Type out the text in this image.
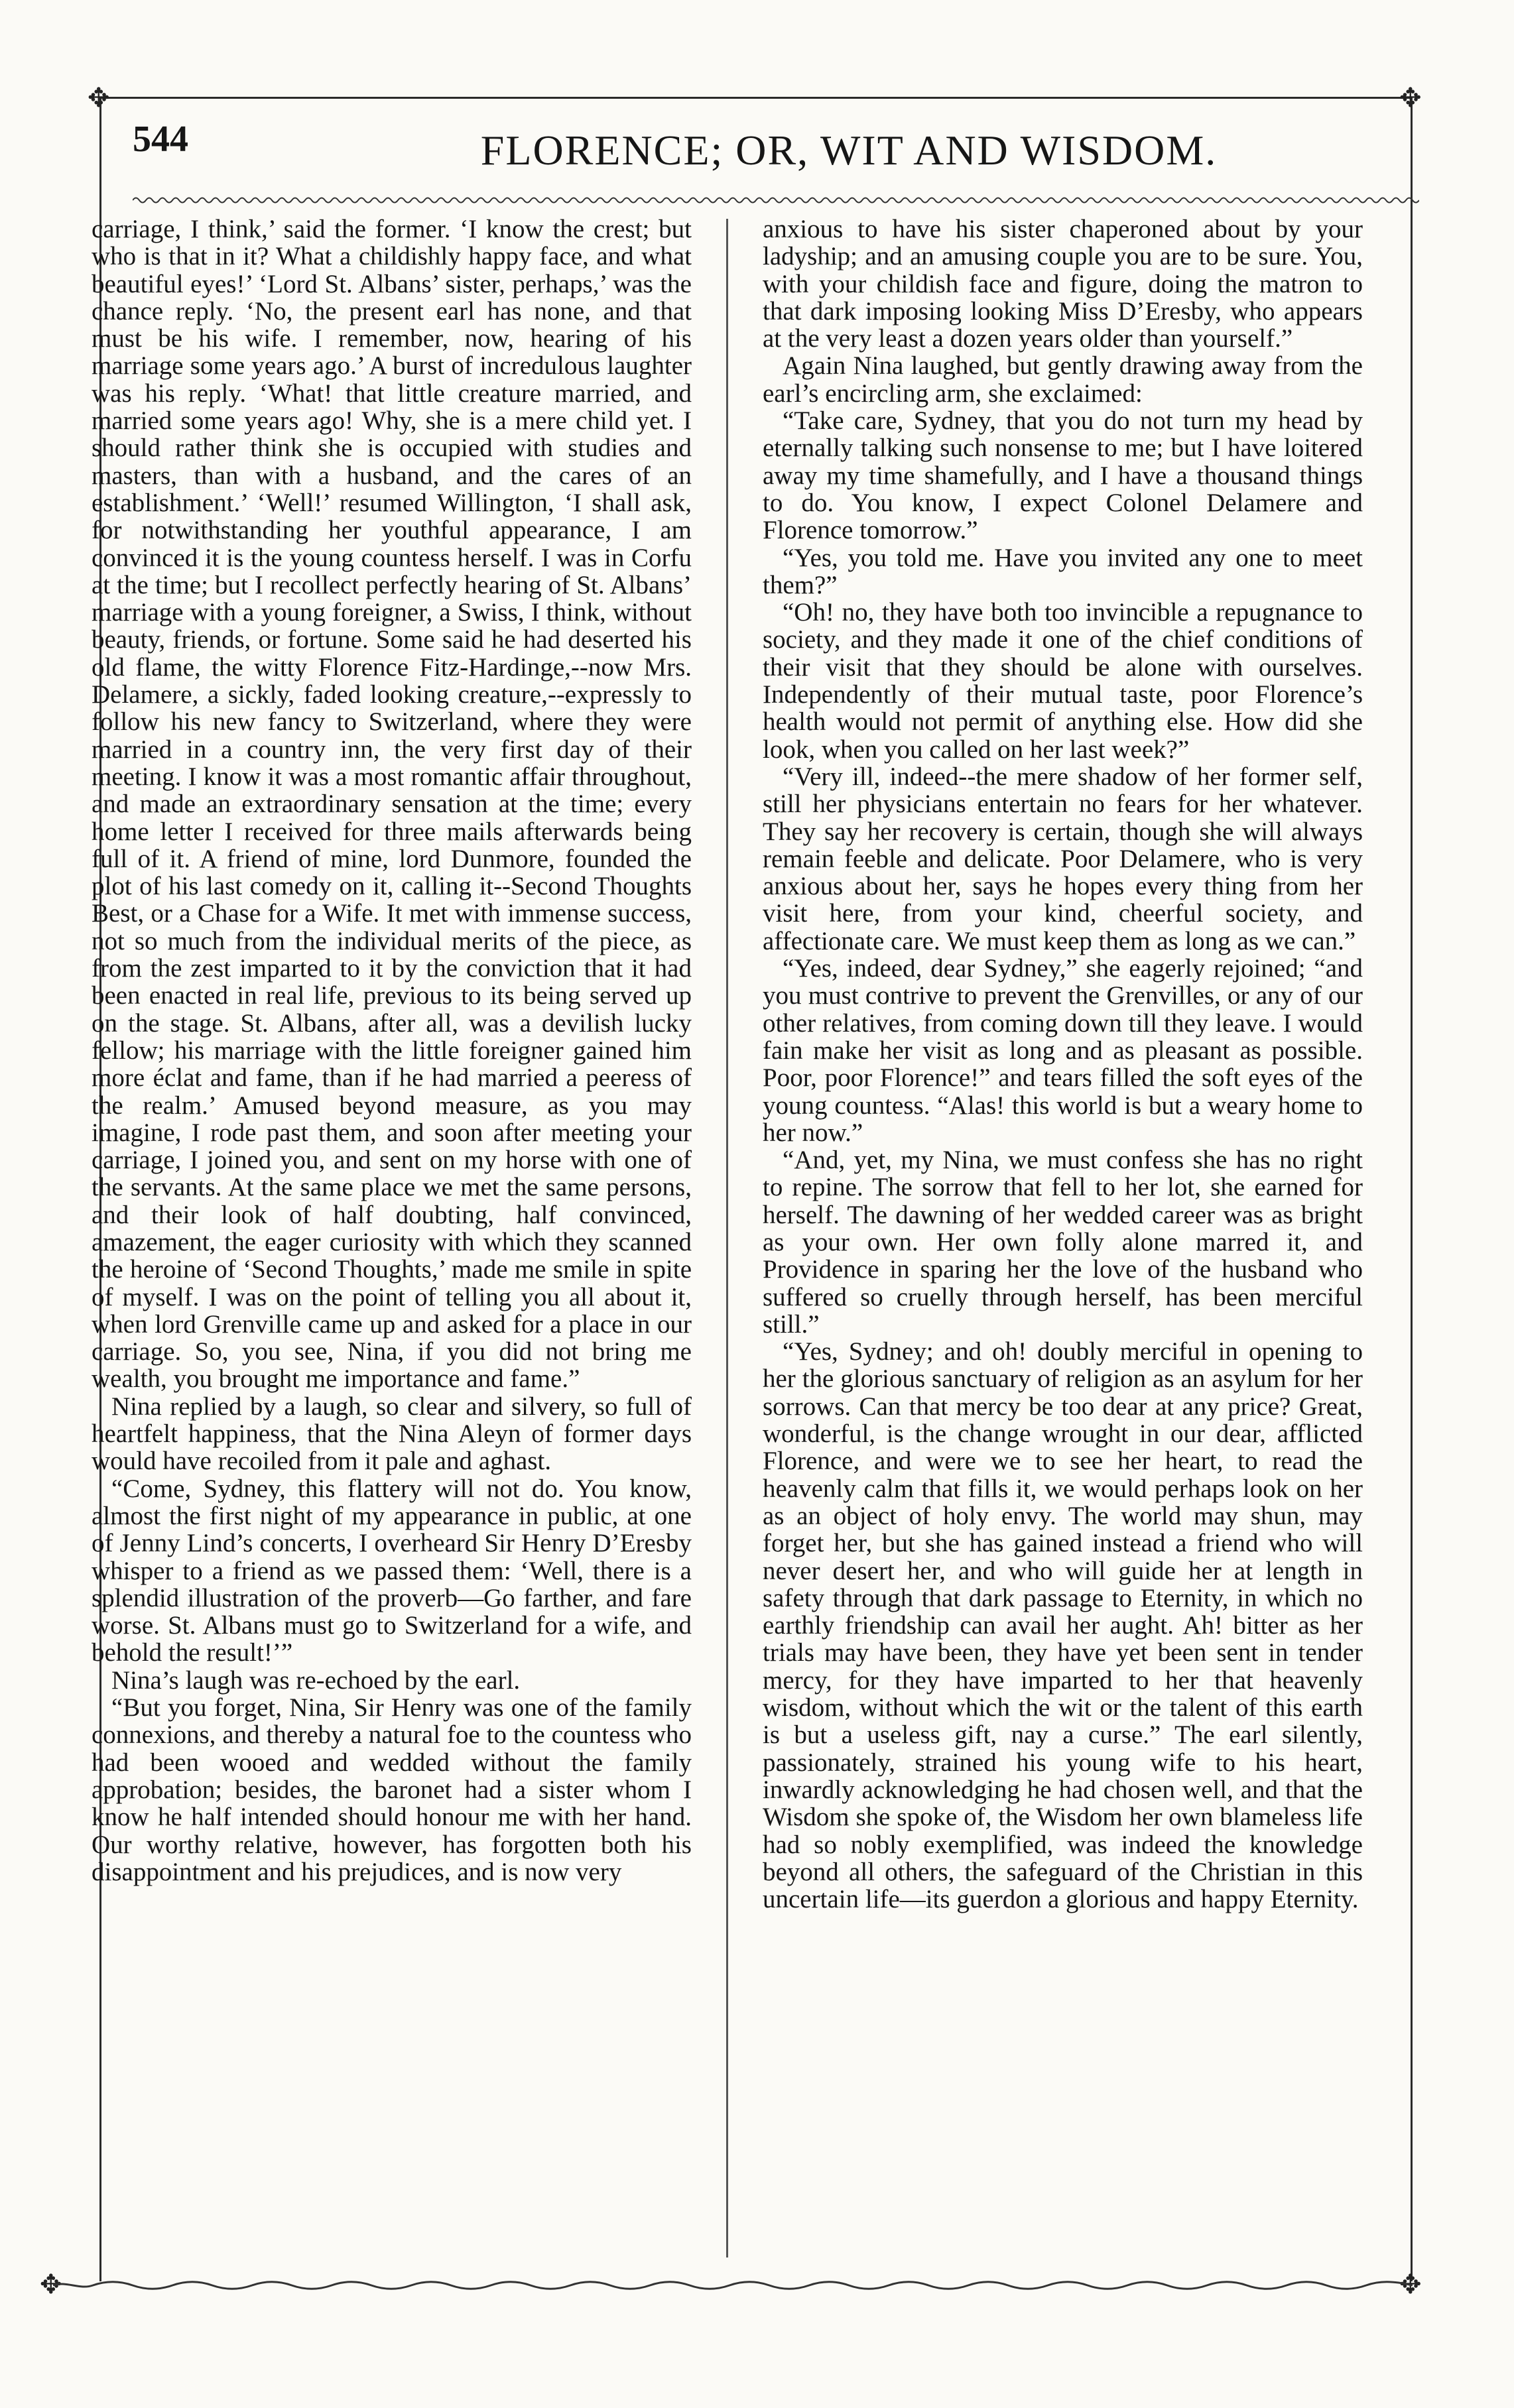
✥	✥
✥	✥
544	FLORENCE; OR, WIT AND WISDOM.

carriage, I think,’ said the former. ‘I know the crest; but who is that in it? What a childishly happy face, and what beautiful eyes!’ ‘Lord St. Albans’ sister, perhaps,’ was the chance reply. ‘No, the present earl has none, and that must be his wife. I remember, now, hearing of his marriage some years ago.’ A burst of incredulous laughter was his reply. ‘What! that little creature married, and married some years ago! Why, she is a mere child yet. I should rather think she is occupied with studies and masters, than with a husband, and the cares of an establishment.’ ‘Well!’ resumed Willington, ‘I shall ask, for notwithstanding her youthful appearance, I am convinced it is the young countess herself. I was in Corfu at the time; but I recollect perfectly hearing of St. Albans’ marriage with a young foreigner, a Swiss, I think, without beauty, friends, or fortune. Some said he had deserted his old flame, the witty Florence Fitz-Hardinge,--now Mrs. Delamere, a sickly, faded looking creature,--expressly to follow his new fancy to Switzerland, where they were married in a country inn, the very first day of their meeting. I know it was a most romantic affair throughout, and made an extraordinary sensation at the time; every home letter I received for three mails afterwards being full of it. A friend of mine, lord Dunmore, founded the plot of his last comedy on it, calling it--Second Thoughts Best, or a Chase for a Wife. It met with immense success, not so much from the individual merits of the piece, as from the zest imparted to it by the conviction that it had been enacted in real life, previous to its being served up on the stage. St. Albans, after all, was a devilish lucky fellow; his marriage with the little foreigner gained him more éclat and fame, than if he had married a peeress of the realm.’ Amused beyond measure, as you may imagine, I rode past them, and soon after meeting your carriage, I joined you, and sent on my horse with one of the servants. At the same place we met the same persons, and their look of half doubting, half convinced, amazement, the eager curiosity with which they scanned the heroine of ‘Second Thoughts,’ made me smile in spite of myself. I was on the point of telling you all about it, when lord Grenville came up and asked for a place in our carriage. So, you see, Nina, if you did not bring me wealth, you brought me importance and fame.”

Nina replied by a laugh, so clear and silvery, so full of heartfelt happiness, that the Nina Aleyn of former days would have recoiled from it pale and aghast.

“Come, Sydney, this flattery will not do. You know, almost the first night of my appearance in public, at one of Jenny Lind’s concerts, I overheard Sir Henry D’Eresby whisper to a friend as we passed them: ‘Well, there is a splendid illustration of the proverb—Go farther, and fare worse. St. Albans must go to Switzerland for a wife, and behold the result!’”

Nina’s laugh was re-echoed by the earl.

“But you forget, Nina, Sir Henry was one of the family connexions, and thereby a natural foe to the countess who had been wooed and wedded without the family approbation; besides, the baronet had a sister whom I know he half intended should honour me with her hand. Our worthy relative, however, has forgotten both his disappointment and his prejudices, and is now very

anxious to have his sister chaperoned about by your ladyship; and an amusing couple you are to be sure. You, with your childish face and figure, doing the matron to that dark imposing looking Miss D’Eresby, who appears at the very least a dozen years older than yourself.”

Again Nina laughed, but gently drawing away from the earl’s encircling arm, she exclaimed:

“Take care, Sydney, that you do not turn my head by eternally talking such nonsense to me; but I have loitered away my time shamefully, and I have a thousand things to do. You know, I expect Colonel Delamere and Florence tomorrow.”

“Yes, you told me. Have you invited any one to meet them?”

“Oh! no, they have both too invincible a repugnance to society, and they made it one of the chief conditions of their visit that they should be alone with ourselves. Independently of their mutual taste, poor Florence’s health would not permit of anything else. How did she look, when you called on her last week?”

“Very ill, indeed--the mere shadow of her former self, still her physicians entertain no fears for her whatever. They say her recovery is certain, though she will always remain feeble and delicate. Poor Delamere, who is very anxious about her, says he hopes every thing from her visit here, from your kind, cheerful society, and affectionate care. We must keep them as long as we can.”

“Yes, indeed, dear Sydney,” she eagerly rejoined; “and you must contrive to prevent the Grenvilles, or any of our other relatives, from coming down till they leave. I would fain make her visit as long and as pleasant as possible. Poor, poor Florence!” and tears filled the soft eyes of the young countess. “Alas! this world is but a weary home to her now.”

“And, yet, my Nina, we must confess she has no right to repine. The sorrow that fell to her lot, she earned for herself. The dawning of her wedded career was as bright as your own. Her own folly alone marred it, and Providence in sparing her the love of the husband who suffered so cruelly through herself, has been merciful still.”

“Yes, Sydney; and oh! doubly merciful in opening to her the glorious sanctuary of religion as an asylum for her sorrows. Can that mercy be too dear at any price? Great, wonderful, is the change wrought in our dear, afflicted Florence, and were we to see her heart, to read the heavenly calm that fills it, we would perhaps look on her as an object of holy envy. The world may shun, may forget her, but she has gained instead a friend who will never desert her, and who will guide her at length in safety through that dark passage to Eternity, in which no earthly friendship can avail her aught. Ah! bitter as her trials may have been, they have yet been sent in tender mercy, for they have imparted to her that heavenly wisdom, without which the wit or the talent of this earth is but a useless gift, nay a curse.” The earl silently, passionately, strained his young wife to his heart, inwardly acknowledging he had chosen well, and that the Wisdom she spoke of, the Wisdom her own blameless life had so nobly exemplified, was indeed the knowledge beyond all others, the safeguard of the Christian in this uncertain life—its guerdon a glorious and happy Eternity.
